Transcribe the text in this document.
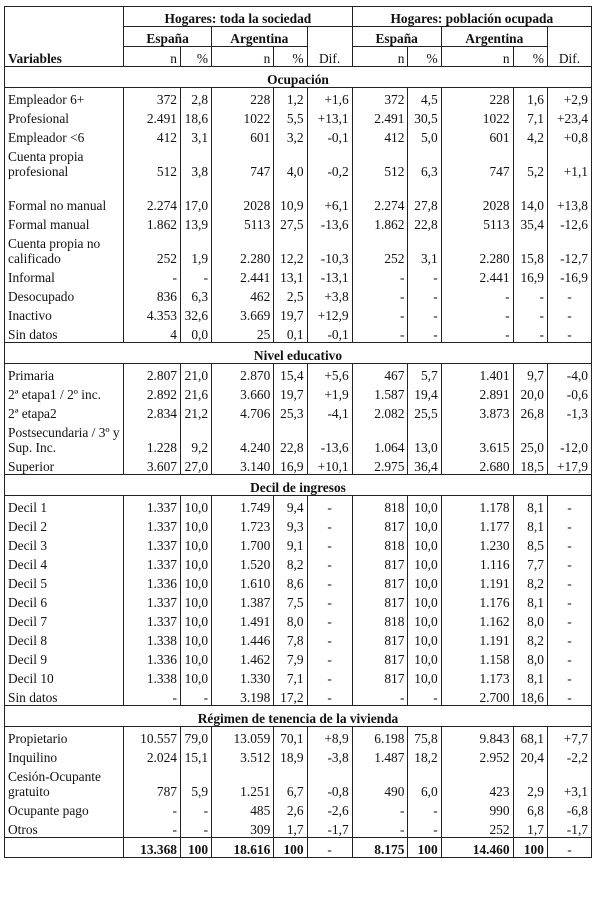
	Hogares: toda la sociedad					Hogares: población ocupada				
	España		Argentina			España		Argentina		
Variables	n	%	n	%	Dif.	n	%	n	%	Dif.
Ocupación										
Empleador 6+	372	2,8	228	1,2	+1,6	372	4,5	228	1,6	+2,9
Profesional	2.491	18,6	1022	5,5	+13,1	2.491	30,5	1022	7,1	+23,4
Empleador <6	412	3,1	601	3,2	-0,1	412	5,0	601	4,2	+0,8
Cuenta propia profesional	512	3,8	747	4,0	-0,2	512	6,3	747	5,2	+1,1
Formal no manual	2.274	17,0	2028	10,9	+6,1	2.274	27,8	2028	14,0	+13,8
Formal manual	1.862	13,9	5113	27,5	-13,6	1.862	22,8	5113	35,4	-12,6
Cuenta propia no calificado	252	1,9	2.280	12,2	-10,3	252	3,1	2.280	15,8	-12,7
Informal	-	-	2.441	13,1	-13,1	-	-	2.441	16,9	-16,9
Desocupado	836	6,3	462	2,5	+3,8	-	-	-	-	-
Inactivo	4.353	32,6	3.669	19,7	+12,9	-	-	-	-	-
Sin datos	4	0,0	25	0,1	-0,1	-	-	-	-	-
Nivel educativo										
Primaria	2.807	21,0	2.870	15,4	+5,6	467	5,7	1.401	9,7	-4,0
2ª etapa1 / 2º inc.	2.892	21,6	3.660	19,7	+1,9	1.587	19,4	2.891	20,0	-0,6
2ª etapa2	2.834	21,2	4.706	25,3	-4,1	2.082	25,5	3.873	26,8	-1,3
Postsecundaria / 3º y Sup. Inc.	1.228	9,2	4.240	22,8	-13,6	1.064	13,0	3.615	25,0	-12,0
Superior	3.607	27,0	3.140	16,9	+10,1	2.975	36,4	2.680	18,5	+17,9
Decil de ingresos										
Decil 1	1.337	10,0	1.749	9,4	-	818	10,0	1.178	8,1	-
Decil 2	1.337	10,0	1.723	9,3	-	817	10,0	1.177	8,1	-
Decil 3	1.337	10,0	1.700	9,1	-	818	10,0	1.230	8,5	-
Decil 4	1.337	10,0	1.520	8,2	-	817	10,0	1.116	7,7	-
Decil 5	1.336	10,0	1.610	8,6	-	817	10,0	1.191	8,2	-
Decil 6	1.337	10,0	1.387	7,5	-	817	10,0	1.176	8,1	-
Decil 7	1.337	10,0	1.491	8,0	-	818	10,0	1.162	8,0	-
Decil 8	1.338	10,0	1.446	7,8	-	817	10,0	1.191	8,2	-
Decil 9	1.336	10,0	1.462	7,9	-	817	10,0	1.158	8,0	-
Decil 10	1.338	10,0	1.330	7,1	-	817	10,0	1.173	8,1	-
Sin datos	-	-	3.198	17,2	-	-	-	2.700	18,6	-
Régimen de tenencia de la vivienda										
Propietario	10.557	79,0	13.059	70,1	+8,9	6.198	75,8	9.843	68,1	+7,7
Inquilino	2.024	15,1	3.512	18,9	-3,8	1.487	18,2	2.952	20,4	-2,2
Cesión-Ocupante gratuito	787	5,9	1.251	6,7	-0,8	490	6,0	423	2,9	+3,1
Ocupante pago	-	-	485	2,6	-2,6	-	-	990	6,8	-6,8
Otros	-	-	309	1,7	-1,7	-	-	252	1,7	-1,7
	13.368	100	18.616	100	-	8.175	100	14.460	100	-
